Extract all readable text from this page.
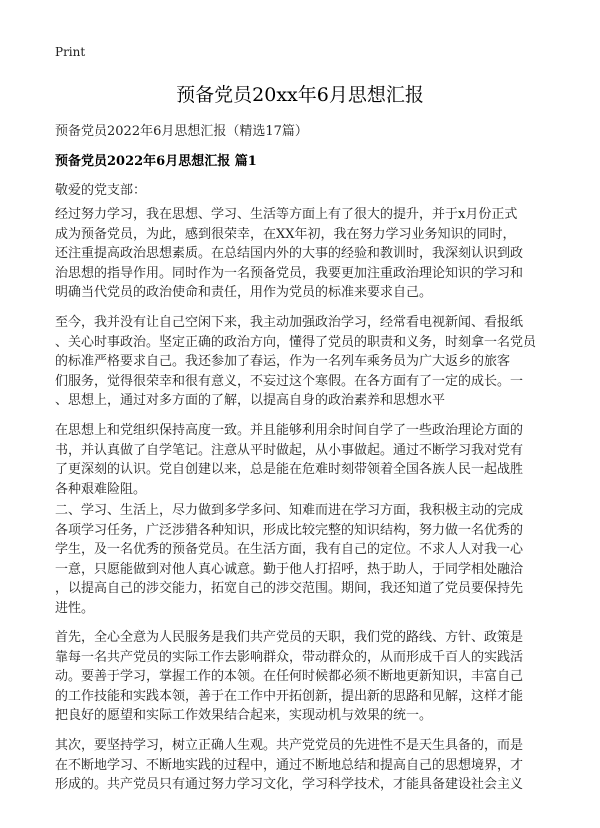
Print
预备党员20xx年6月思想汇报
预备党员2022年6月思想汇报（精选17篇）
预备党员2022年6月思想汇报 篇1
敬爱的党支部：
经过努力学习，我在思想、学习、生活等方面上有了很大的提升，并于x月份正式
成为预备党员，为此，感到很荣幸，在XX年初，我在努力学习业务知识的同时，
还注重提高政治思想素质。在总结国内外的大事的经验和教训时，我深刻认识到政
治思想的指导作用。同时作为一名预备党员，我要更加注重政治理论知识的学习和
明确当代党员的政治使命和责任，用作为党员的标准来要求自己。
至今，我并没有让自己空闲下来，我主动加强政治学习，经常看电视新闻、看报纸
、关心时事政治。坚定正确的政治方向，懂得了党员的职责和义务，时刻拿一名党员
的标准严格要求自己。我还参加了春运，作为一名列车乘务员为广大返乡的旅客
们服务，觉得很荣幸和很有意义，不妄过这个寒假。在各方面有了一定的成长。一
、思想上，通过对多方面的了解，以提高自身的政治素养和思想水平
在思想上和党组织保持高度一致。并且能够利用余时间自学了一些政治理论方面的
书，并认真做了自学笔记。注意从平时做起，从小事做起。通过不断学习我对党有
了更深刻的认识。党自创建以来，总是能在危难时刻带领着全国各族人民一起战胜
各种艰难险阻。
二、学习、生活上，尽力做到多学多问、知难而进在学习方面，我积极主动的完成
各项学习任务，广泛涉猎各种知识，形成比较完整的知识结构，努力做一名优秀的
学生，及一名优秀的预备党员。在生活方面，我有自己的定位。不求人人对我一心
一意，只愿能做到对他人真心诚意。勤于他人打招呼，热于助人，于同学相处融洽
，以提高自己的涉交能力，拓宽自己的涉交范围。期间，我还知道了党员要保持先
进性。
首先，全心全意为人民服务是我们共产党员的天职，我们党的路线、方针、政策是
靠每一名共产党员的实际工作去影响群众，带动群众的，从而形成千百人的实践活
动。要善于学习，掌握工作的本领。在任何时候都必须不断地更新知识，丰富自己
的工作技能和实践本领，善于在工作中开拓创新，提出新的思路和见解，这样才能
把良好的愿望和实际工作效果结合起来，实现动机与效果的统一。
其次，要坚持学习，树立正确人生观。共产党党员的先进性不是天生具备的，而是
在不断地学习、不断地实践的过程中，通过不断地总结和提高自己的思想境界，才
形成的。共产党员只有通过努力学习文化，学习科学技术，才能具备建设社会主义
